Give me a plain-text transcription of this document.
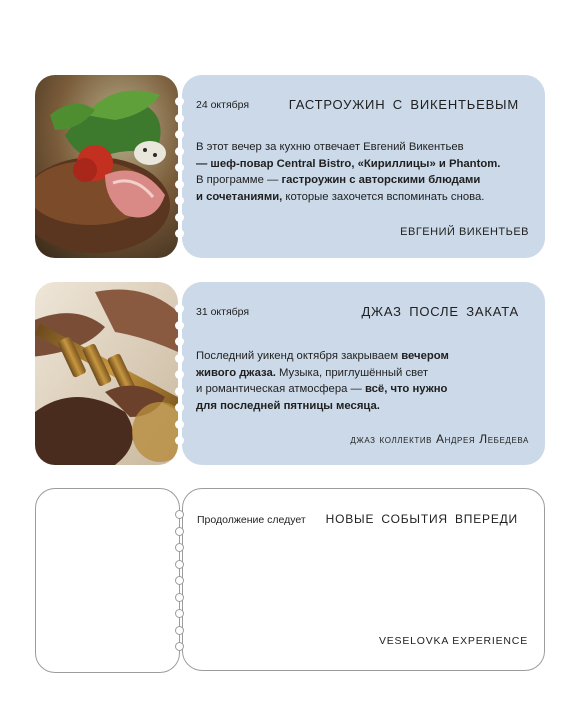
24 октября	ГАСТРОУЖИН С ВИКЕНТЬЕВЫМ

В этот вечер за кухню отвечает Евгений Викентьев
— шеф-повар Central Bistro, «Кириллицы» и Phantom.
В программе — гастроужин с авторскими блюдами
и сочетаниями, которые захочется вспоминать снова.

ЕВГЕНИЙ ВИКЕНТЬЕВ
31 октября	ДЖАЗ ПОСЛЕ ЗАКАТА

Последний уикенд октября закрываем вечером
живого джаза. Музыка, приглушённый свет
и романтическая атмосфера — всё, что нужно
для последней пятницы месяца.

джаз коллектив Андрея Лебедева
Продолжение следует НОВЫЕ СОБЫТИЯ ВПЕРЕДИ
VESELOVKA EXPERIENCE
